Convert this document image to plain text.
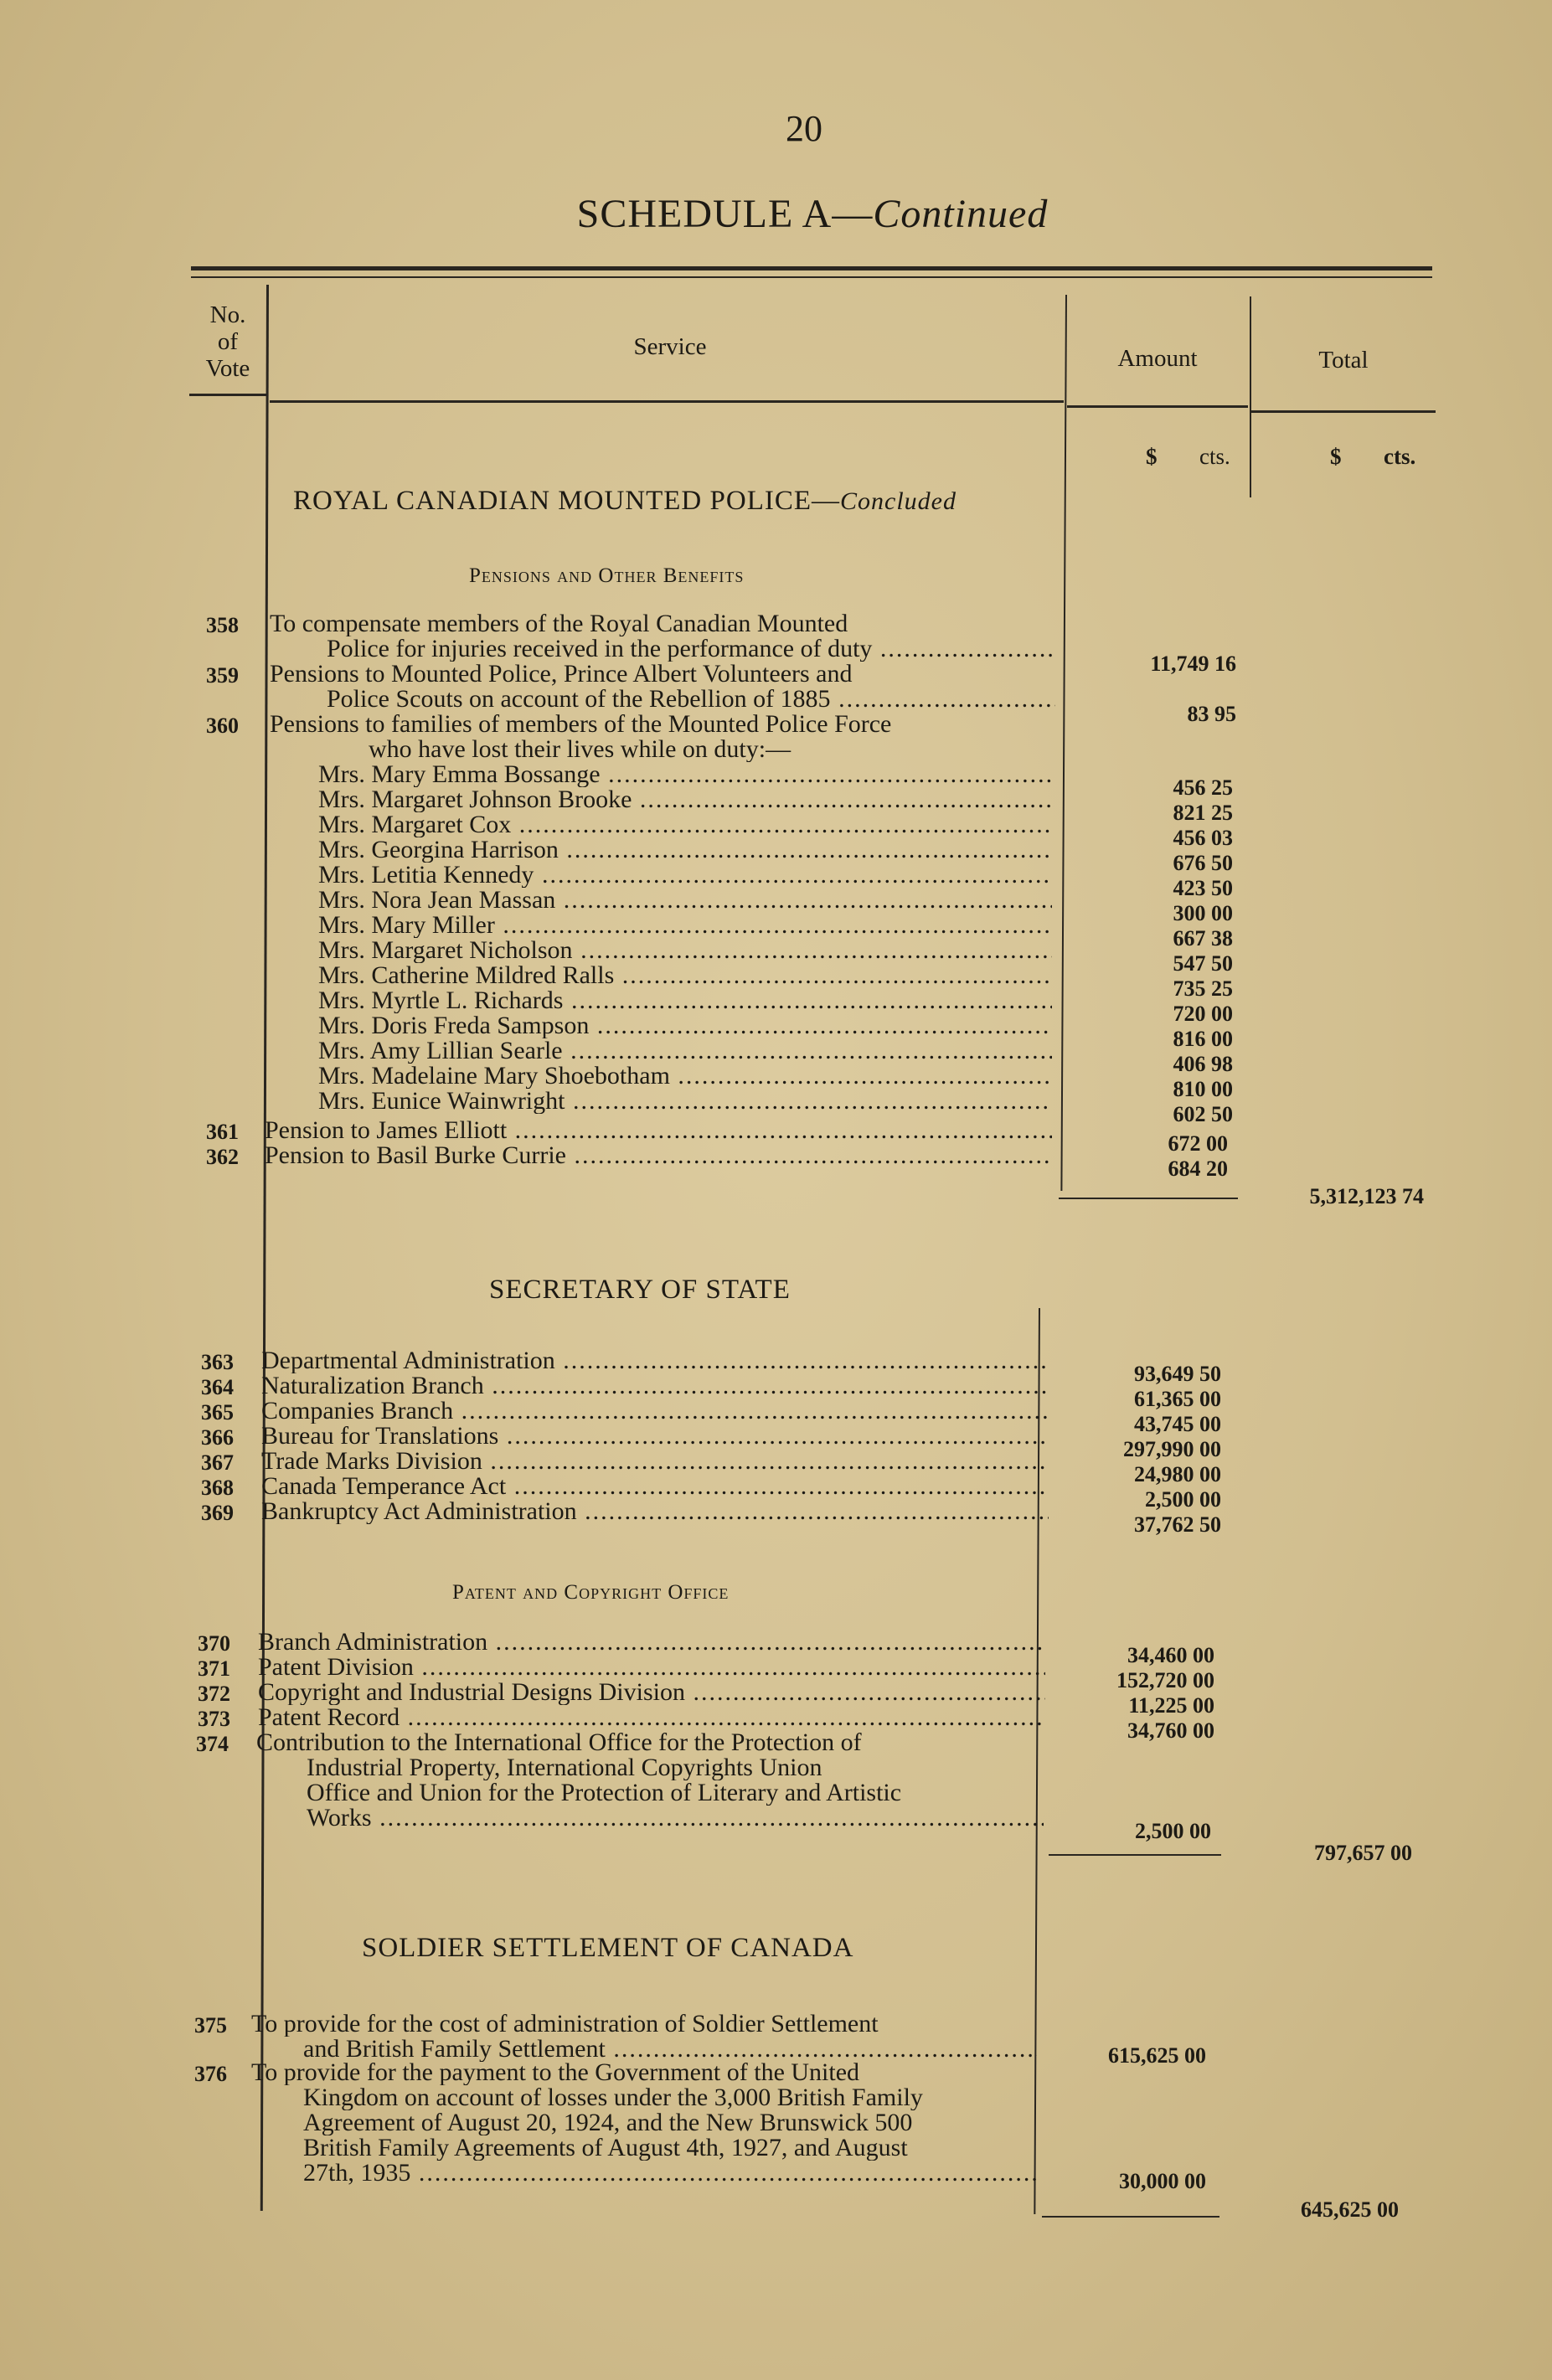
20
SCHEDULE A—Continued
No.
of
Vote
Service	Amount	Total
$ cts.	$ cts.
ROYAL CANADIAN MOUNTED POLICE—Concluded
Pensions and Other Benefits
358 To compensate members of the Royal Canadian Mounted
Police for injuries received in the performance of duty .....
11,749 16
359 Pensions to Mounted Police, Prince Albert Volunteers and
Police Scouts on account of the Rebellion of 1885 .....
83 95
360 Pensions to families of members of the Mounted Police Force
who have lost their lives while on duty:—
Mrs. Mary Emma Bossange .....	456 25
Mrs. Margaret Johnson Brooke .....	821 25
Mrs. Margaret Cox .....	456 03
Mrs. Georgina Harrison .....	676 50
Mrs. Letitia Kennedy .....	423 50
Mrs. Nora Jean Massan .....	300 00
Mrs. Mary Miller .....	667 38
Mrs. Margaret Nicholson .....	547 50
Mrs. Catherine Mildred Ralls .....	735 25
Mrs. Myrtle L. Richards .....	720 00
Mrs. Doris Freda Sampson .....	816 00
Mrs. Amy Lillian Searle .....	406 98
Mrs. Madelaine Mary Shoebotham .....	810 00
Mrs. Eunice Wainwright .....	602 50
361 Pension to James Elliott .....	672 00
362 Pension to Basil Burke Currie .....	684 20
5,312,123 74
SECRETARY OF STATE
363 Departmental Administration .....	93,649 50
364 Naturalization Branch .....	61,365 00
365 Companies Branch .....	43,745 00
366 Bureau for Translations .....	297,990 00
367 Trade Marks Division .....	24,980 00
368 Canada Temperance Act .....	2,500 00
369 Bankruptcy Act Administration .....	37,762 50
Patent and Copyright Office
370 Branch Administration .....	34,460 00
371 Patent Division .....	152,720 00
372 Copyright and Industrial Designs Division .....	11,225 00
373 Patent Record .....	34,760 00
374 Contribution to the International Office for the Protection of
Industrial Property, International Copyrights Union
Office and Union for the Protection of Literary and Artistic
Works .....	2,500 00
797,657 00
SOLDIER SETTLEMENT OF CANADA
375 To provide for the cost of administration of Soldier Settlement
and British Family Settlement .....	615,625 00
376 To provide for the payment to the Government of the United
Kingdom on account of losses under the 3,000 British Family
Agreement of August 20, 1924, and the New Brunswick 500
British Family Agreements of August 4th, 1927, and August
27th, 1935 .....	30,000 00
645,625 00
